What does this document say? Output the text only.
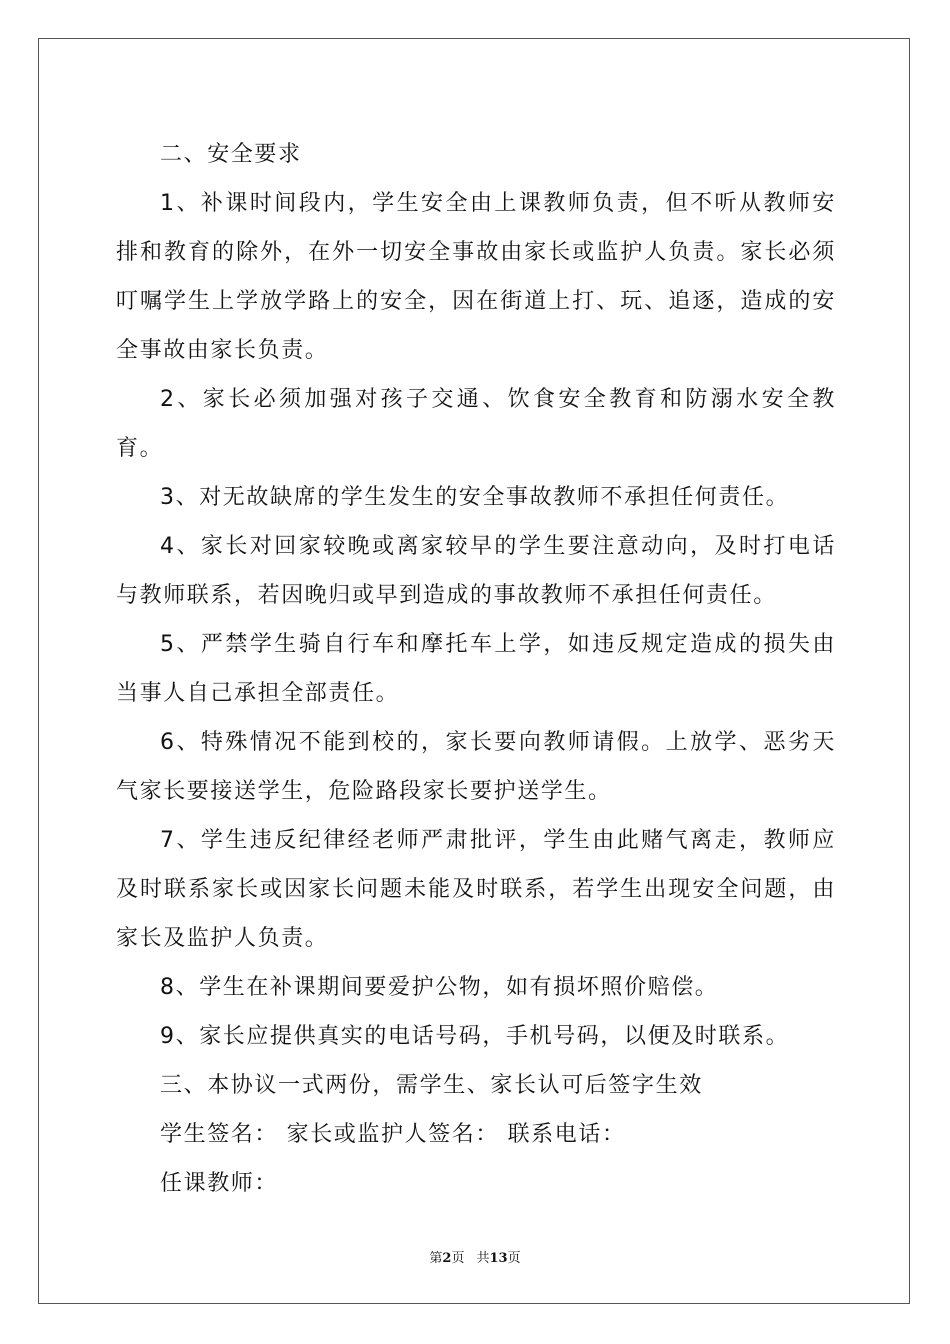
二、安全要求

1、补课时间段内，学生安全由上课教师负责，但不听从教师安排和教育的除外，在外一切安全事故由家长或监护人负责。家长必须叮嘱学生上学放学路上的安全，因在街道上打、玩、追逐，造成的安全事故由家长负责。

2、家长必须加强对孩子交通、饮食安全教育和防溺水安全教育。

3、对无故缺席的学生发生的安全事故教师不承担任何责任。

4、家长对回家较晚或离家较早的学生要注意动向，及时打电话与教师联系，若因晚归或早到造成的事故教师不承担任何责任。

5、严禁学生骑自行车和摩托车上学，如违反规定造成的损失由当事人自己承担全部责任。

6、特殊情况不能到校的，家长要向教师请假。上放学、恶劣天气家长要接送学生，危险路段家长要护送学生。

7、学生违反纪律经老师严肃批评，学生由此赌气离走，教师应及时联系家长或因家长问题未能及时联系，若学生出现安全问题，由家长及监护人负责。

8、学生在补课期间要爱护公物，如有损坏照价赔偿。

9、家长应提供真实的电话号码，手机号码，以便及时联系。

三、本协议一式两份，需学生、家长认可后签字生效

学生签名： 家长或监护人签名： 联系电话：

任课教师：

第2页 共13页
